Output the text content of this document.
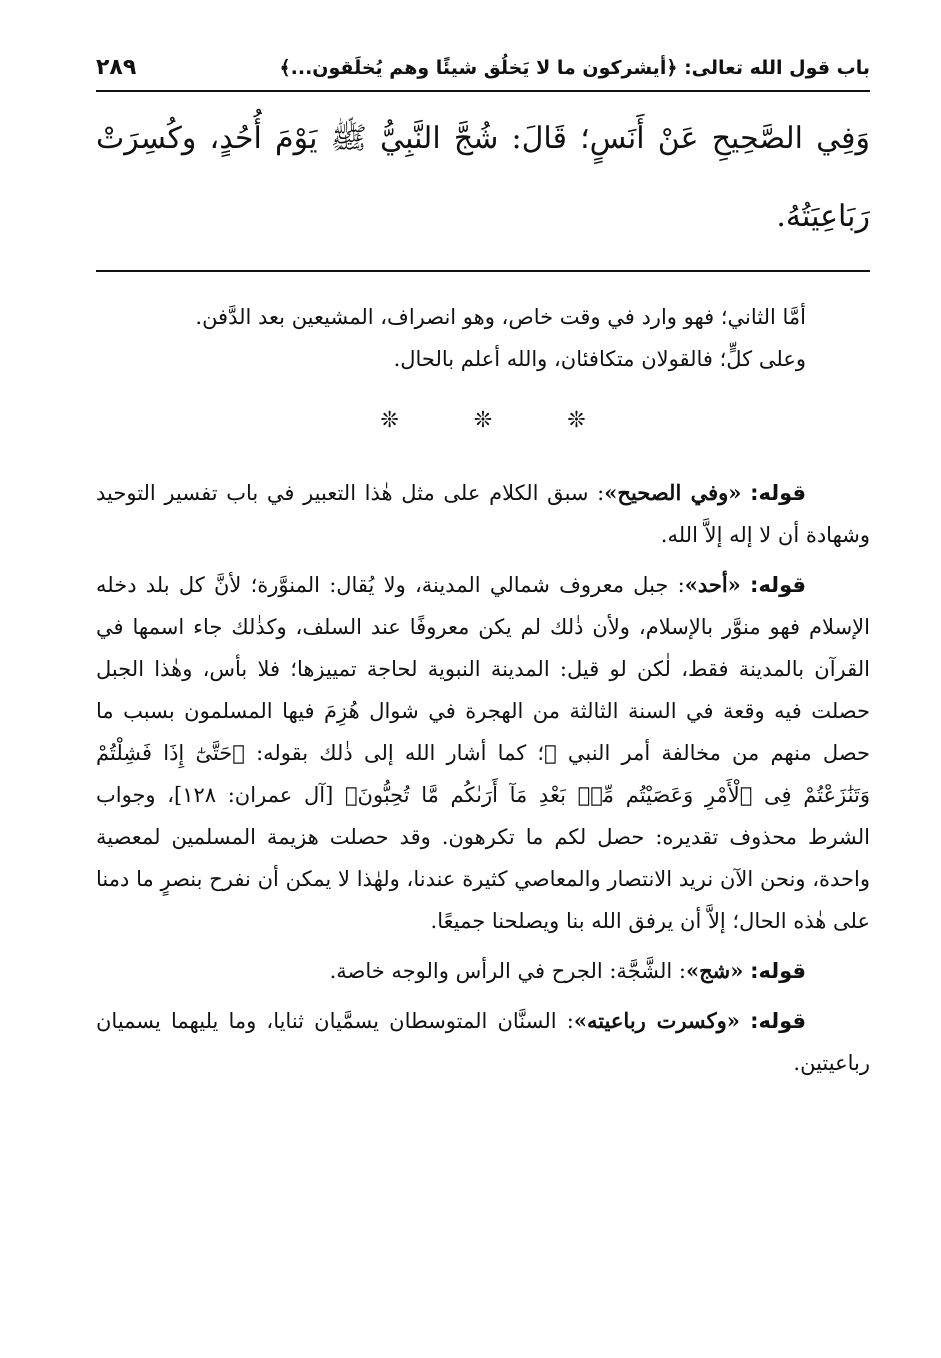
باب قول الله تعالى: ﴿أيشركون ما لا يَخلُق شيئًا وهم يُخلَقون...﴾
٢٨٩
وَفِي الصَّحِيحِ عَنْ أَنَسٍ؛ قَالَ: شُجَّ النَّبِيُّ ﷺ يَوْمَ أُحُدٍ، وكُسِرَتْ رَبَاعِيَتُهُ.

أمَّا الثاني؛ فهو وارد في وقت خاص، وهو انصراف، المشيعين بعد الدَّفن.

وعلى كلٍّ؛ فالقولان متكافئان، والله أعلم بالحال.

❊ ❊ ❊

قوله: «وفي الصحيح»: سبق الكلام على مثل هٰذا التعبير في باب تفسير التوحيد وشهادة أن لا إله إلاَّ الله.

قوله: «أحد»: جبل معروف شمالي المدينة، ولا يُقال: المنوَّرة؛ لأنَّ كل بلد دخله الإسلام فهو منوَّر بالإسلام، ولأن ذٰلك لم يكن معروفًا عند السلف، وكذٰلك جاء اسمها في القرآن بالمدينة فقط، لٰكن لو قيل: المدينة النبوية لحاجة تمييزها؛ فلا بأس، وهٰذا الجبل حصلت فيه وقعة في السنة الثالثة من الهجرة في شوال هُزِمَ فيها المسلمون بسبب ما حصل منهم من مخالفة أمر النبي ﷺ؛ كما أشار الله إلى ذٰلك بقوله: ﴿حَتَّىٰٓ إِذَا فَشِلْتُمْ وَتَنَٰزَعْتُمْ فِى ٱلْأَمْرِ وَعَصَيْتُم مِّنۢ بَعْدِ مَآ أَرَىٰكُم مَّا تُحِبُّونَ﴾ [آل عمران: ١٢٨]، وجواب الشرط محذوف تقديره: حصل لكم ما تكرهون. وقد حصلت هزيمة المسلمين لمعصية واحدة، ونحن الآن نريد الانتصار والمعاصي كثيرة عندنا، ولهٰذا لا يمكن أن نفرح بنصرٍ ما دمنا على هٰذه الحال؛ إلاَّ أن يرفق الله بنا ويصلحنا جميعًا.

قوله: «شج»: الشَّجَّة: الجرح في الرأس والوجه خاصة.

قوله: «وكسرت رباعيته»: السنَّان المتوسطان يسمَّيان ثنايا، وما يليهما يسميان رباعيتين.
